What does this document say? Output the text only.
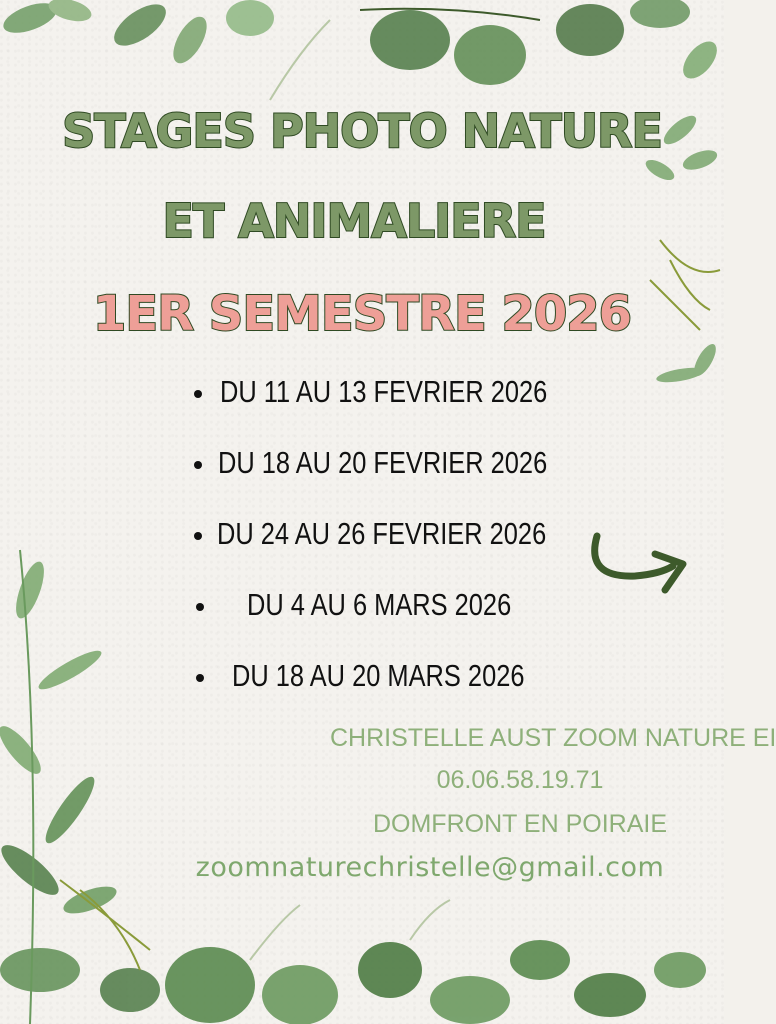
STAGES PHOTO NATURE
ET ANIMALIERE
1ER SEMESTRE 2026
DU 11 AU 13 FEVRIER 2026
DU 18 AU 20 FEVRIER 2026
DU 24 AU 26 FEVRIER 2026
DU 4 AU 6 MARS 2026
DU 18 AU 20 MARS 2026
CHRISTELLE AUST ZOOM NATURE EI
06.06.58.19.71
DOMFRONT EN POIRAIE
zoomnaturechristelle@gmail.com
